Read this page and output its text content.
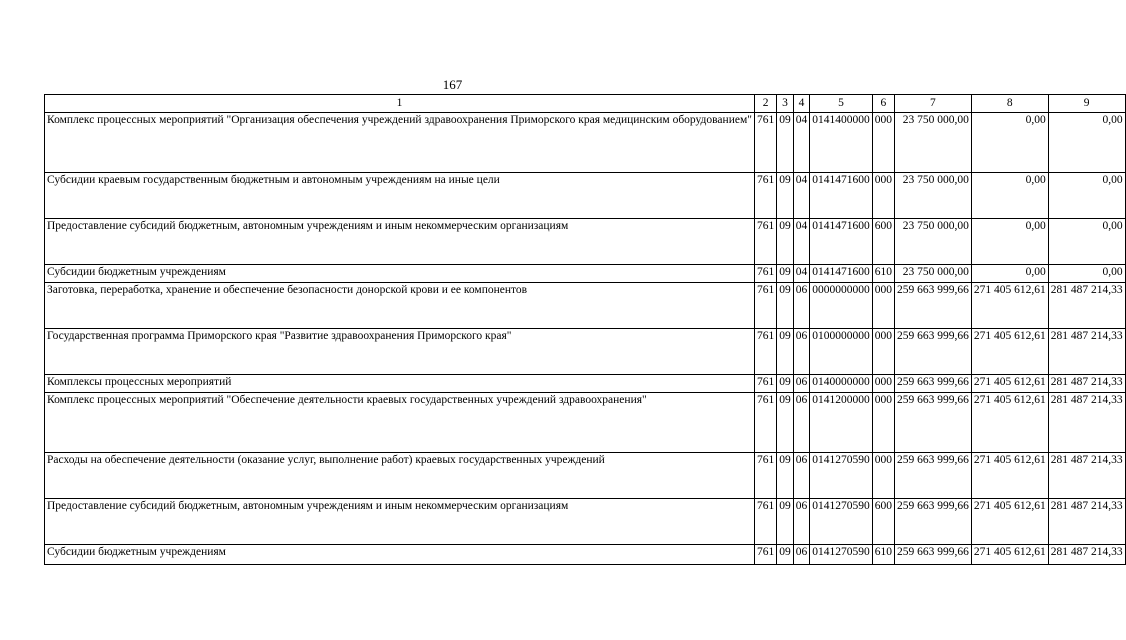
167
1	2	3	4	5	6	7	8	9
Комплекс процессных мероприятий "Организация обеспечения учреждений здравоохранения Приморского края медицинским оборудованием"	761	09	04	0141400000	000	23 750 000,00	0,00	0,00
Субсидии краевым государственным бюджетным и автономным учреждениям на иные цели	761	09	04	0141471600	000	23 750 000,00	0,00	0,00
Предоставление субсидий бюджетным, автономным учреждениям и иным некоммерческим организациям	761	09	04	0141471600	600	23 750 000,00	0,00	0,00
Субсидии бюджетным учреждениям	761	09	04	0141471600	610	23 750 000,00	0,00	0,00
Заготовка, переработка, хранение и обеспечение безопасности донорской крови и ее компонентов	761	09	06	0000000000	000	259 663 999,66	271 405 612,61	281 487 214,33
Государственная программа Приморского края "Развитие здравоохранения Приморского края"	761	09	06	0100000000	000	259 663 999,66	271 405 612,61	281 487 214,33
Комплексы процессных мероприятий	761	09	06	0140000000	000	259 663 999,66	271 405 612,61	281 487 214,33
Комплекс процессных мероприятий "Обеспечение деятельности краевых государственных учреждений здравоохранения"	761	09	06	0141200000	000	259 663 999,66	271 405 612,61	281 487 214,33
Расходы на обеспечение деятельности (оказание услуг, выполнение работ) краевых государственных учреждений	761	09	06	0141270590	000	259 663 999,66	271 405 612,61	281 487 214,33
Предоставление субсидий бюджетным, автономным учреждениям и иным некоммерческим организациям	761	09	06	0141270590	600	259 663 999,66	271 405 612,61	281 487 214,33
Субсидии бюджетным учреждениям	761	09	06	0141270590	610	259 663 999,66	271 405 612,61	281 487 214,33
